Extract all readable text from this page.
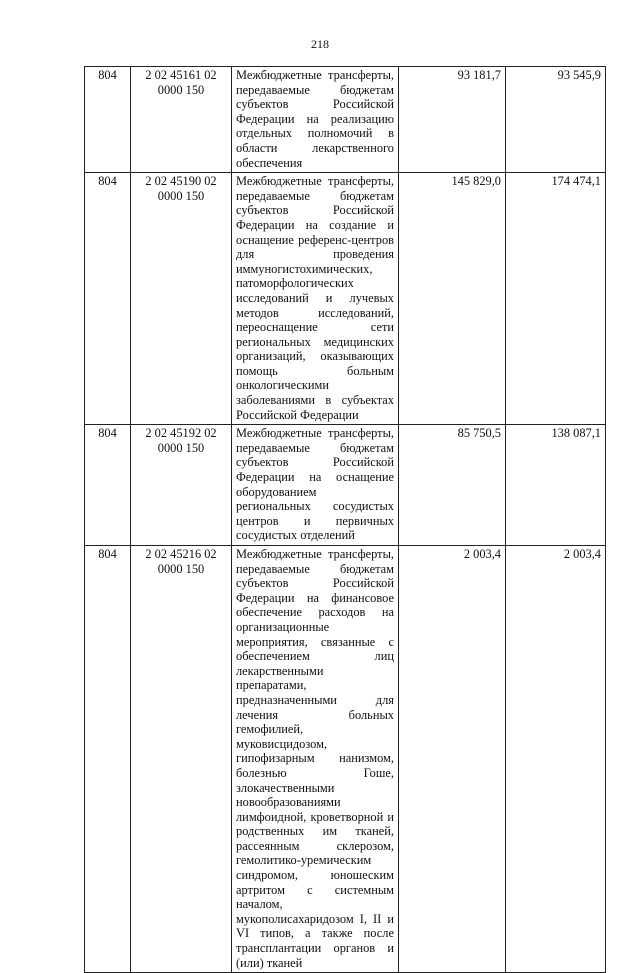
218
804	2 02 45161 02 0000 150	Межбюджетные трансферты, передаваемые бюджетам субъектов Российской Федерации на реализацию отдельных полномочий в области лекарственного обеспечения	93 181,7	93 545,9
804	2 02 45190 02 0000 150	Межбюджетные трансферты, передаваемые бюджетам субъектов Российской Федерации на создание и оснащение референс-центров для проведения иммуногистохимических, патоморфологических исследований и лучевых методов исследований, переоснащение сети региональных медицинских организаций, оказывающих помощь больным онкологическими заболеваниями в субъектах Российской Федерации	145 829,0	174 474,1
804	2 02 45192 02 0000 150	Межбюджетные трансферты, передаваемые бюджетам субъектов Российской Федерации на оснащение оборудованием региональных сосудистых центров и первичных сосудистых отделений	85 750,5	138 087,1
804	2 02 45216 02 0000 150	Межбюджетные трансферты, передаваемые бюджетам субъектов Российской Федерации на финансовое обеспечение расходов на организационные мероприятия, связанные с обеспечением лиц лекарственными препаратами, предназначенными для лечения больных гемофилией, муковисцидозом, гипофизарным нанизмом, болезнью Гоше, злокачественными новообразованиями лимфоидной, кроветворной и родственных им тканей, рассеянным склерозом, гемолитико-уремическим синдромом, юношеским артритом с системным началом, мукополисахаридозом I, II и VI типов, а также после трансплантации органов и (или) тканей	2 003,4	2 003,4
